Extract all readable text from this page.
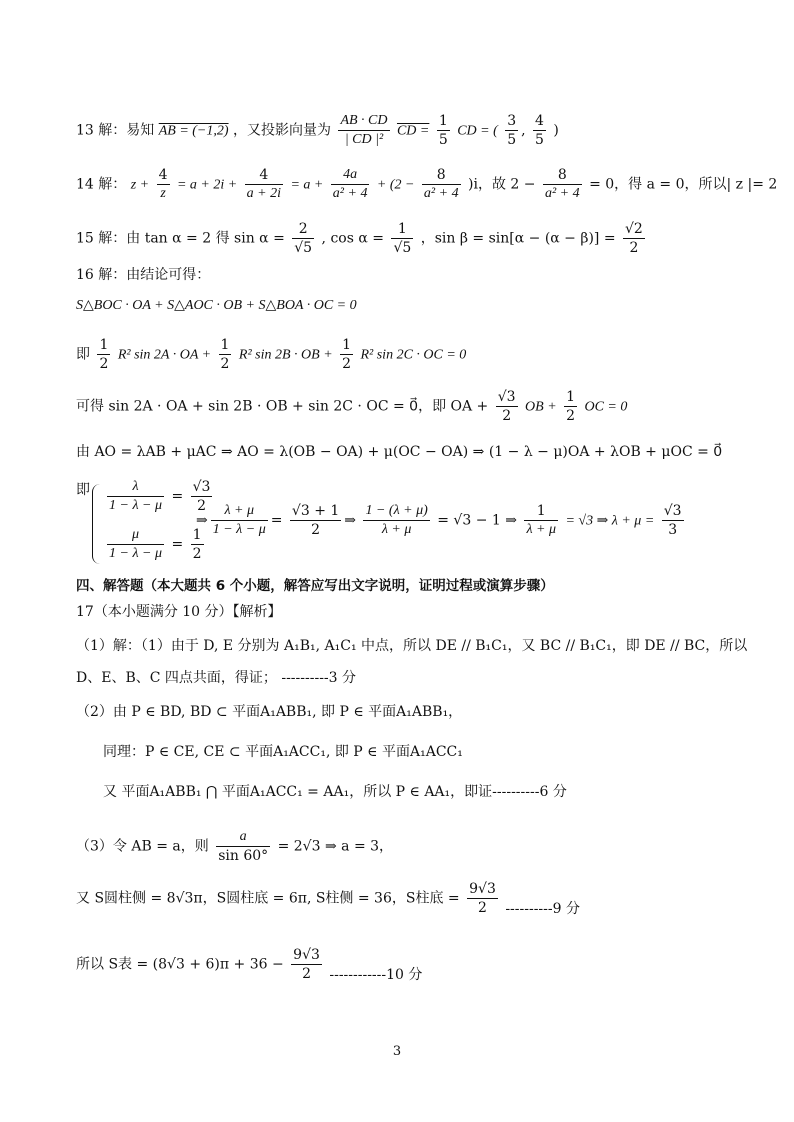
13 解：易知 AB = (−1,2) ，又投影向量为 $\frac{AB \cdot CD}{\text{| CD |²}}$ CD = $\frac{1}{5}$ CD = ( $\frac{3}{5}$ , $\frac{4}{5}$ )
14 解： $z + \frac{4}{z} = a + 2i + \frac{4}{a + 2i} = a + \frac{4a}{\text{a² + 4}} + (2 - \frac{8}{\text{a² + 4}} )i$，故 $2 - \frac{8}{\text{a² + 4}} = 0$，得 a = 0，所以| z |= 2
15 解：由 tan α = 2 得 $\sin \alpha = \frac{2}{√5}$ , $\cos \alpha = \frac{1}{√5}$ ，$\sin \beta = \sin[\alpha - (\alpha - \beta)] = \frac{√2}{2}$
16 解：由结论可得：
S△BOC · OA + S△AOC · OB + S△BOA · OC = 0⃗，
即 $\frac{1}{2} R^2$ sin 2A · OA + $\frac{1}{2} R^2$ sin 2B · OB + $\frac{1}{2} R^2$ sin 2C · OC = 0⃗，
可得 sin 2A · OA + sin 2B · OB + sin 2C · OC = 0⃗，即 OA + $\frac{√3}{2}$ OB + $\frac{1}{2}$ OC = 0⃗
由 AO = λAB + μAC ⇒ AO = λ(OB − OA) + μ(OC − OA) ⇒ (1 − λ − μ)OA + λOB + μOC = 0⃗
即	$\frac{\lambda}{1 - \lambda - \mu} = \frac{√3}{2}$
$\frac{\mu}{1 - \lambda - \mu} = \frac{1}{2}$
⇒ $\frac{\lambda + \mu}{1 - \lambda - \mu} = \frac{√3 + 1}{2}$ ⇒ $\frac{1 - (\lambda + \mu)}{\lambda + \mu} = √3 - 1$ ⇒ $\frac{1}{\lambda + \mu} = √3$ ⇒ $\lambda + \mu = \frac{√3}{3}$
四、解答题（本大题共 6 个小题，解答应写出文字说明，证明过程或演算步骤）
17（本小题满分 10 分）【解析】
（1）解：（1）由于 D, E 分别为 A₁B₁, A₁C₁ 中点，所以 DE // B₁C₁，又 BC // B₁C₁，即 DE // BC，所以
D、E、B、C 四点共面，得证； ----------3 分
（2）由 P ∈ BD, BD ⊂ 平面A₁ABB₁, 即 P ∈ 平面A₁ABB₁，
同理：P ∈ CE, CE ⊂ 平面A₁ACC₁, 即 P ∈ 平面A₁ACC₁
又 平面A₁ABB₁ ⋂ 平面A₁ACC₁ = AA₁，所以 P ∈ AA₁，即证----------6 分
（3）令 AB = a，则 $\frac{a}{\sin 60^\circ} = 2√3$ ⇒ a = 3，
又 S圆柱侧 = 8√3π，S圆柱底 = 6π, S柱侧 = 36，S柱底 = $\frac{9√3}{2} ----------9$ 分
所以 S表 = $(8√3 + 6)\pi + 36 - \frac{9√3}{2} ------------10$ 分
3
